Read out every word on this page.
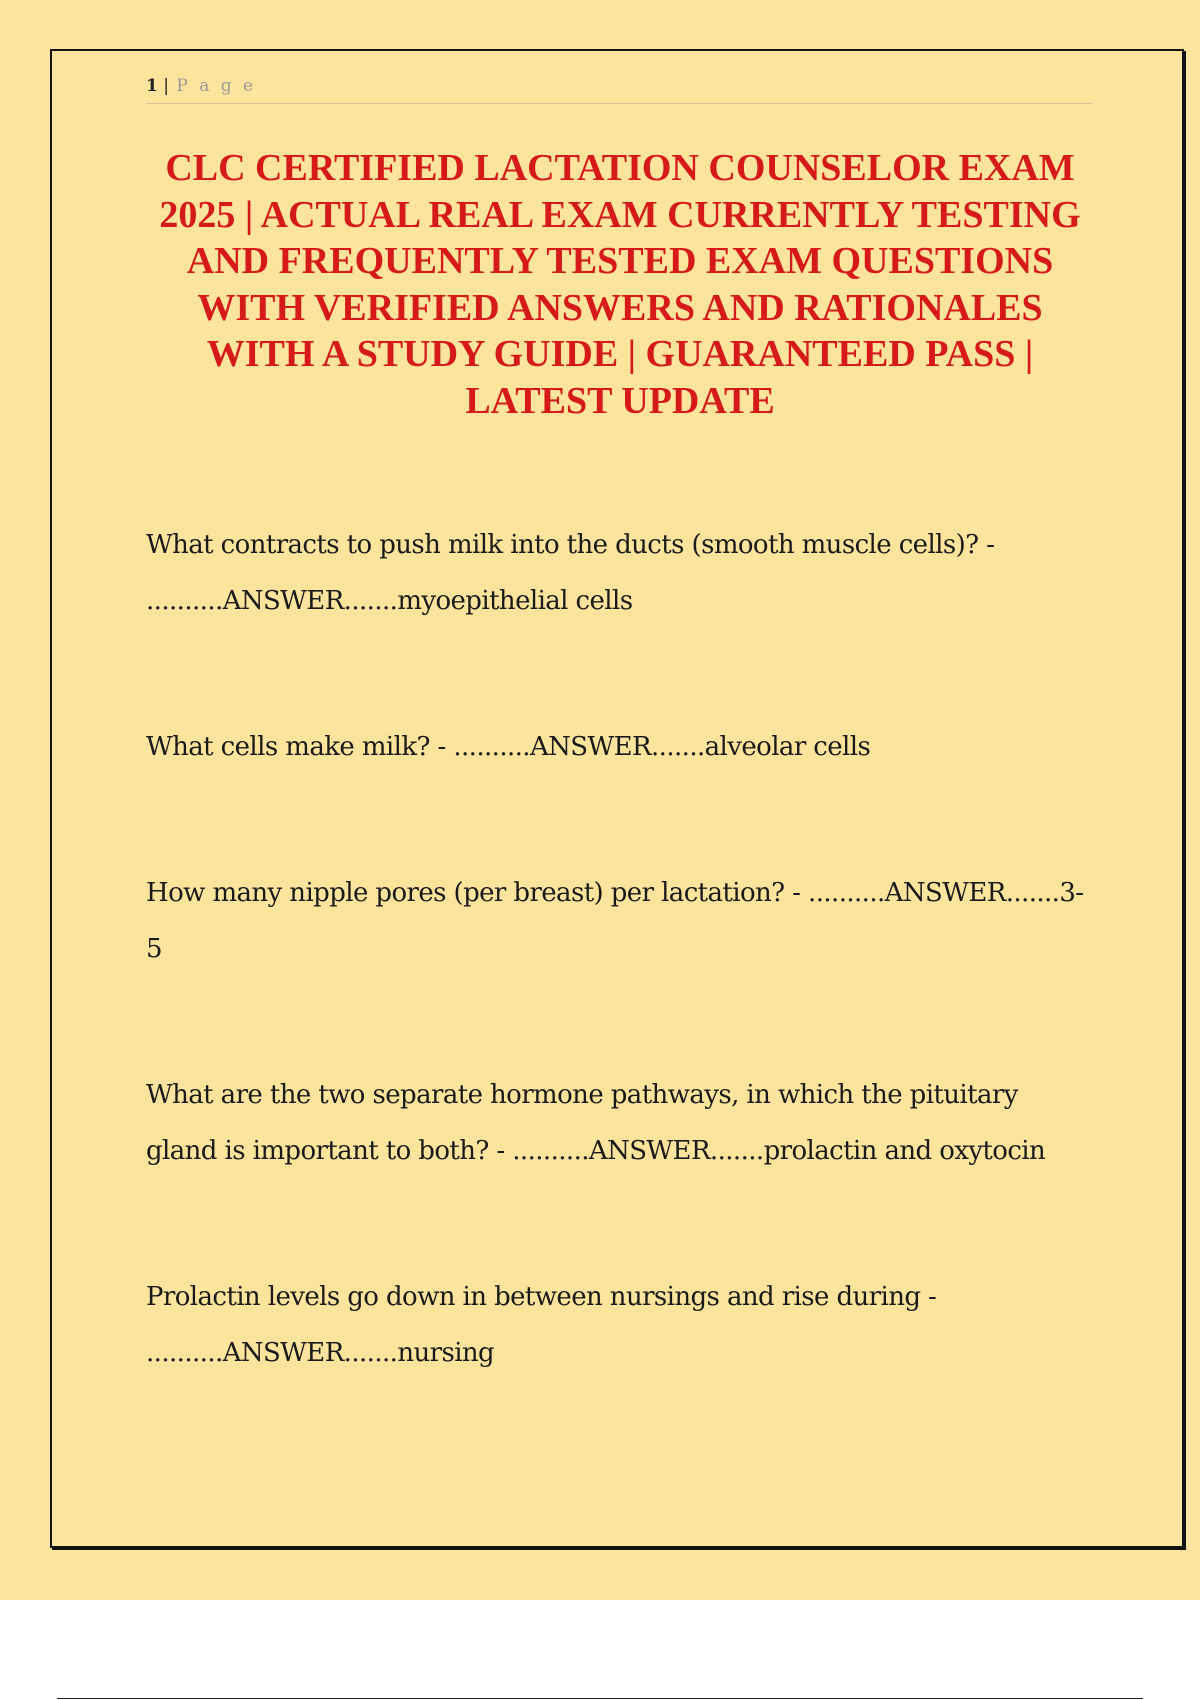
1 | P a g e
CLC CERTIFIED LACTATION COUNSELOR EXAM 2025 | ACTUAL REAL EXAM CURRENTLY TESTING AND FREQUENTLY TESTED EXAM QUESTIONS WITH VERIFIED ANSWERS AND RATIONALES WITH A STUDY GUIDE | GUARANTEED PASS | LATEST UPDATE

What contracts to push milk into the ducts (smooth muscle cells)? - ..........ANSWER.......myoepithelial cells

What cells make milk? - ..........ANSWER.......alveolar cells

How many nipple pores (per breast) per lactation? - ..........ANSWER.......3-5

What are the two separate hormone pathways, in which the pituitary gland is important to both? - ..........ANSWER.......prolactin and oxytocin

Prolactin levels go down in between nursings and rise during - ..........ANSWER.......nursing
